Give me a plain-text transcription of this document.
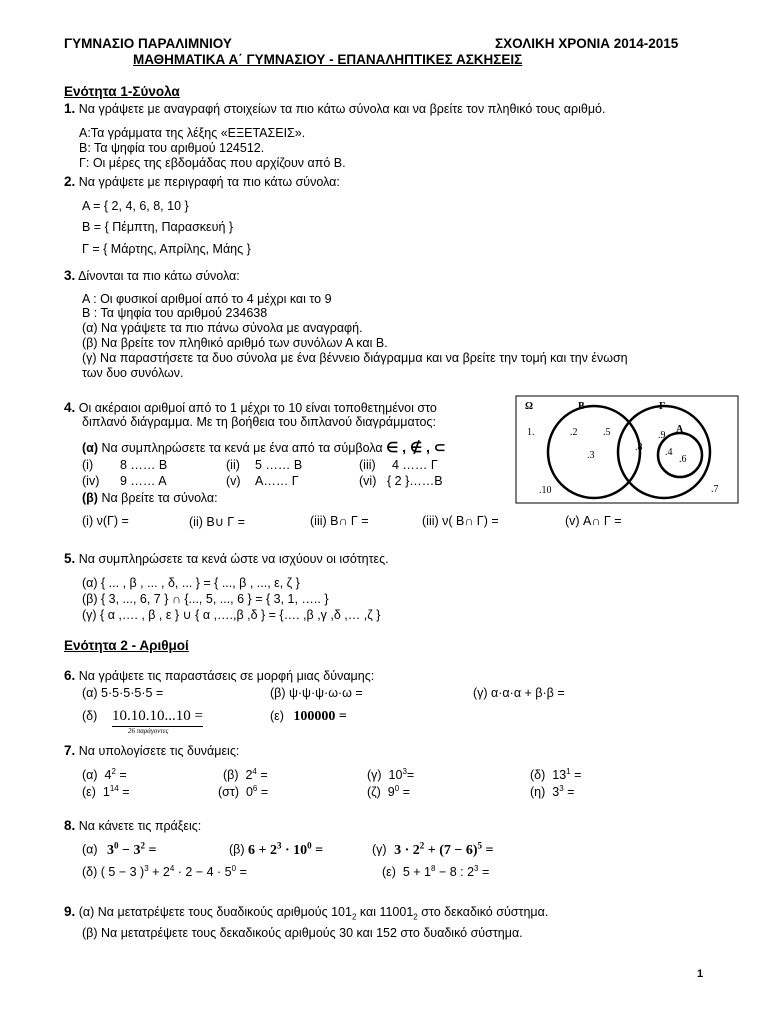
ΓΥΜΝΑΣΙΟ ΠΑΡΑΛΙΜΝΙΟΥ	ΣΧΟΛΙΚΗ ΧΡΟΝΙΑ 2014-2015
ΜΑΘΗΜΑΤΙΚΑ Α΄ ΓΥΜΝΑΣΙΟΥ - ΕΠΑΝΑΛΗΠΤΙΚΕΣ ΑΣΚΗΣΕΙΣ
Ενότητα 1-Σύνολα
1. Να γράψετε με αναγραφή στοιχείων τα πιο κάτω σύνολα και να βρείτε τον πληθικό τους αριθμό.
Α:Τα γράμματα της λέξης «ΕΞΕΤΑΣΕΙΣ».
Β: Τα ψηφία του αριθμού 124512.
Γ: Οι μέρες της εβδομάδας που αρχίζουν από Β.
2. Να γράψετε με περιγραφή τα πιο κάτω σύνολα:
Α = { 2, 4, 6, 8, 10 }
Β = { Πέμπτη, Παρασκευή }
Γ = { Μάρτης, Απρίλης, Μάης }
3. Δίνονται τα πιο κάτω σύνολα:
Α : Οι φυσικοί αριθμοί από το 4 μέχρι και το 9
Β : Τα ψηφία του αριθμού 234638
(α) Να γράψετε τα πιο πάνω σύνολα με αναγραφή.
(β) Να βρείτε τον πληθικό αριθμό των συνόλων Α και Β.
(γ) Να παραστήσετε τα δυο σύνολα με ένα βέννειο διάγραμμα και να βρείτε την τομή και την ένωση
των δυο συνόλων.
4. Οι ακέραιοι αριθμοί από το 1 μέχρι το 10 είναι τοποθετημένοι στο
διπλανό διάγραμμα. Με τη βοήθεια του διπλανού διαγράμματος:
(α) Να συμπληρώσετε τα κενά με ένα από τα σύμβολα ∈ , ∉ , ⊂
(i) 8 …… Β	(ii) 5 …… Β	(iii) 4 …… Γ
(iv) 9 …… Α	(v) Α…… Γ	(vi) { 2 }……Β
(β) Να βρείτε τα σύνολα:
(i) ν(Γ) =	(ii) Β∪ Γ =	(iii) Β∩ Γ =	(iii) ν( Β∩ Γ) =	(v) Α∩ Γ =
Ω	Β	Γ
Α
1.	.2	.5
.3
.8
.9
.4
.6
.10	.7
5. Να συμπληρώσετε τα κενά ώστε να ισχύουν οι ισότητες.
(α) { ... , β , ... , δ, ... } = { ..., β , ..., ε, ζ }
(β) { 3, ..., 6, 7 } ∩ {..., 5, ..., 6 } = { 3, 1, ….. }
(γ) { α ,…. , β , ε } ∪ { α ,….,β ,δ } = {…. ,β ,γ ,δ ,… ,ζ }
Ενότητα 2 - Αριθμοί
6. Να γράψετε τις παραστάσεις σε μορφή μιας δύναμης:
(α) 5·5·5·5·5 =	(β) ψ·ψ·ψ·ω·ω =	(γ) α·α·α + β·β =
(δ) 10.10.10...10 =
26 παράγοντες
(ε) 100000 =
7. Να υπολογίσετε τις δυνάμεις:
(α) $4^2$ =	(β) $2^4$ =	(γ) $10^3=$	(δ) $13^1$ =
(ε) $1^{14}$ =	(στ) $0^6$ =	(ζ) $9^0$ =	(η) $3^3$ =
8. Να κάνετε τις πράξεις:
(α) $3^0 - 3^2$ =	(β) $6 + 2^3 \cdot 10^0$ =	(γ) $3 \cdot 2^2 + (7 - 6)^5$ =
(δ) ( 5 − 3 )$^3 + 2^4 \cdot 2 - 4 \cdot 5^0$ =	(ε)  $5 + 1^8 - 8$ : $2^3$ =
9. (α) Να μετατρέψετε τους δυαδικούς αριθμούς $101_2$ και $11001_2$ στο δεκαδικό σύστημα.
(β) Να μετατρέψετε τους δεκαδικούς αριθμούς 30 και 152 στο δυαδικό σύστημα.
1
